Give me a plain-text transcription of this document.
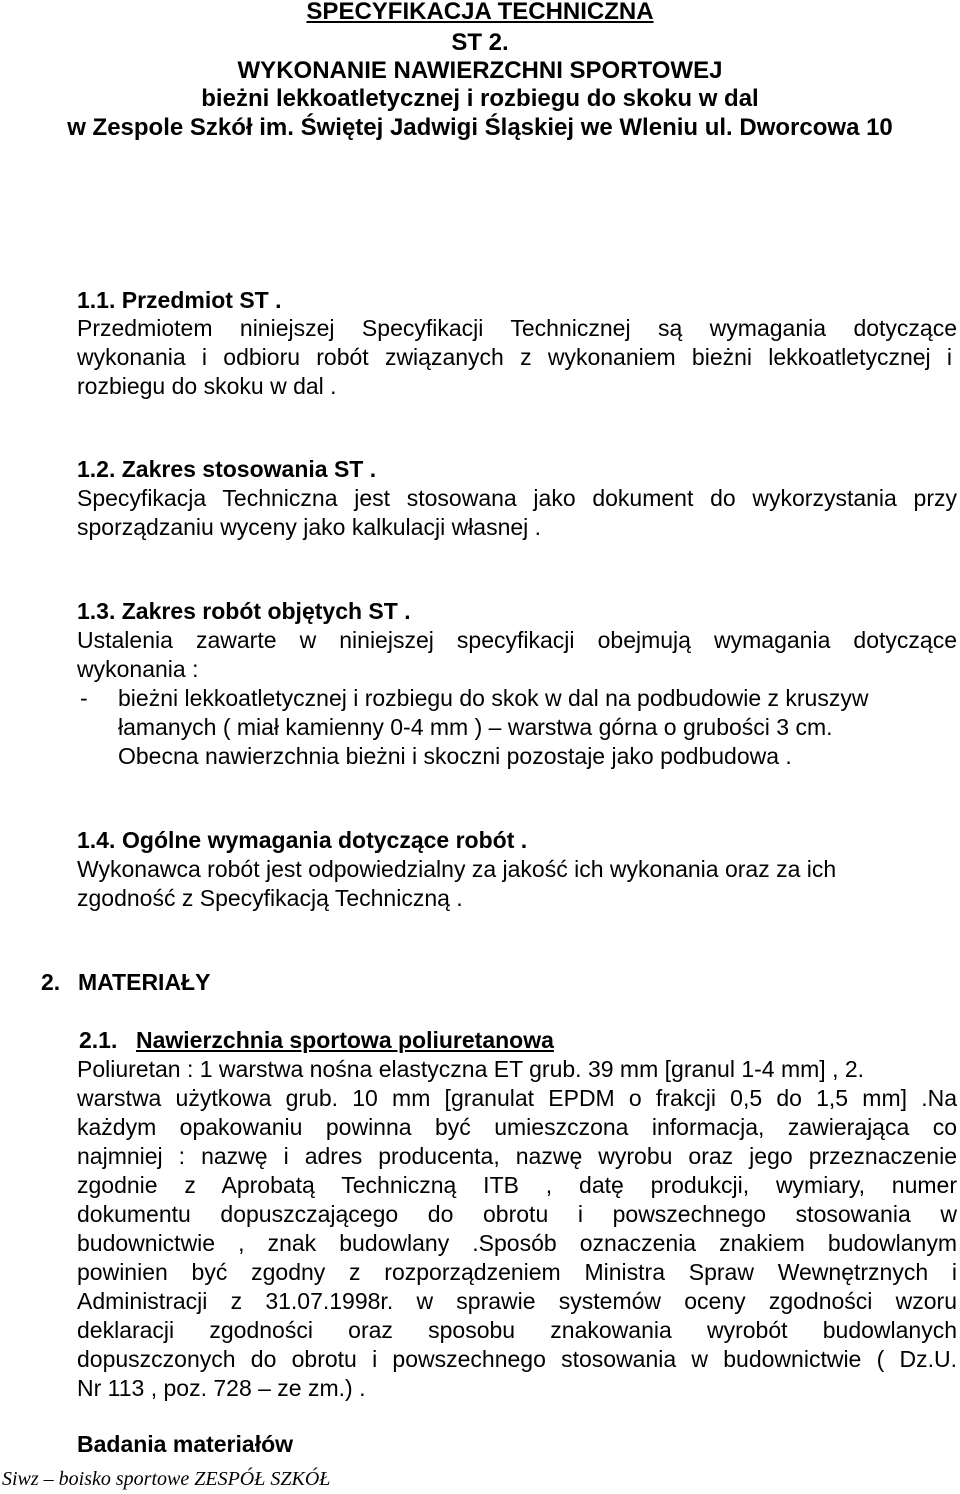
SPECYFIKACJA TECHNICZNA
ST 2.
WYKONANIE NAWIERZCHNI SPORTOWEJ
bieżni lekkoatletycznej i rozbiegu do skoku w dal
w Zespole Szkół im. Świętej Jadwigi Śląskiej we Wleniu ul. Dworcowa 10
1.1. Przedmiot ST .
Przedmiotem niniejszej Specyfikacji Technicznej są wymagania dotyczące
wykonania i odbioru robót związanych z wykonaniem bieżni lekkoatletycznej i
rozbiegu do skoku w dal .
1.2. Zakres stosowania ST .
Specyfikacja Techniczna jest stosowana jako dokument do wykorzystania przy
sporządzaniu wyceny jako kalkulacji własnej .
1.3. Zakres robót objętych ST .
Ustalenia zawarte w niniejszej specyfikacji obejmują wymagania dotyczące
wykonania :
- bieżni lekkoatletycznej i rozbiegu do skok w dal na podbudowie z kruszyw
łamanych ( miał kamienny 0-4 mm ) – warstwa górna o grubości 3 cm.
Obecna nawierzchnia bieżni i skoczni pozostaje jako podbudowa .
1.4. Ogólne wymagania dotyczące robót .
Wykonawca robót jest odpowiedzialny za jakość ich wykonania oraz za ich
zgodność z Specyfikacją Techniczną .
2. MATERIAŁY
2.1. Nawierzchnia sportowa poliuretanowa
Poliuretan : 1 warstwa nośna elastyczna ET grub. 39 mm [granul 1-4 mm] , 2.
warstwa użytkowa grub. 10 mm [granulat EPDM o frakcji 0,5 do 1,5 mm] .Na
każdym opakowaniu powinna być umieszczona informacja, zawierająca co
najmniej : nazwę i adres producenta, nazwę wyrobu oraz jego przeznaczenie
zgodnie z Aprobatą Techniczną ITB , datę produkcji, wymiary, numer
dokumentu dopuszczającego do obrotu i powszechnego stosowania w
budownictwie , znak budowlany .Sposób oznaczenia znakiem budowlanym
powinien być zgodny z rozporządzeniem Ministra Spraw Wewnętrznych i
Administracji z 31.07.1998r. w sprawie systemów oceny zgodności wzoru
deklaracji zgodności oraz sposobu znakowania wyrobót budowlanych
dopuszczonych do obrotu i powszechnego stosowania w budownictwie ( Dz.U.
Nr 113 , poz. 728 – ze zm.) .
Badania materiałów
Siwz – boisko sportowe ZESPÓŁ SZKÓŁ
